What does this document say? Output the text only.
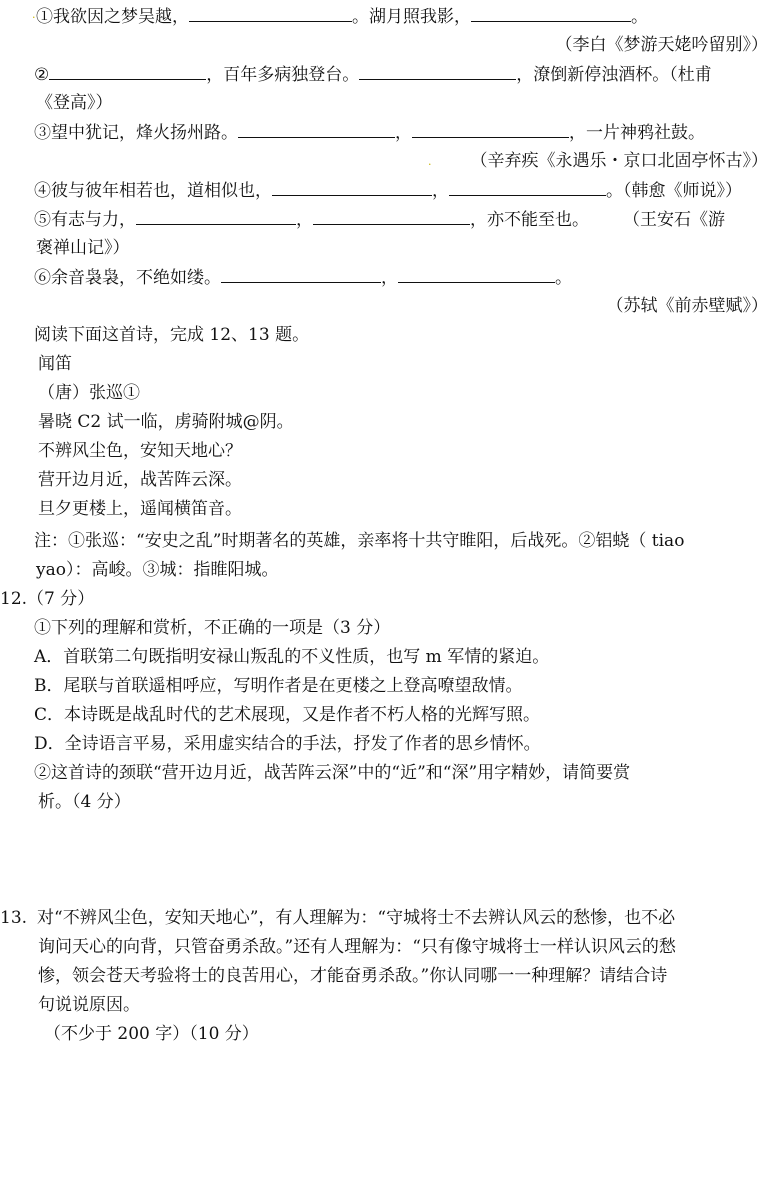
. ①我欲因之梦吴越，	。湖月照我影，	。
（李白《梦游天姥吟留别》）
②	，百年多病独登台。	，潦倒新停浊酒杯。（杜甫
《登高》）
③望中犹记，烽火扬州路。	，	，一片神鸦社鼓。
. （辛弃疾《永遇乐・京口北固亭怀古》）
④彼与彼年相若也，道相似也，	，	。（韩愈《师说》）
⑤有志与力，	，	，亦不能至也。 （王安石《游
褒禅山记》）
⑥余音袅袅，不绝如缕。	，	。
（苏轼《前赤壁赋》）
阅读下面这首诗，完成 12、13 题。
闻笛
（唐）张巡①
暑晓 C2 试一临，虏骑附城@阴。
不辨风尘色，安知天地心？
营开边月近，战苦阵云深。
旦夕更楼上，遥闻横笛音。
注：①张巡：“安史之乱”时期著名的英雄，亲率将十共守睢阳，后战死。②铝蛲（ tiao
yao）：高峻。③城：指睢阳城。
12.（7 分）
①下列的理解和赏析，不正确的一项是（3 分）
A．首联第二句既指明安禄山叛乱的不义性质，也写 m 军情的紧迫。
B．尾联与首联遥相呼应，写明作者是在更楼之上登高嘹望敌情。
C．本诗既是战乱时代的艺术展现，又是作者不朽人格的光辉写照。
D．全诗语言平易，采用虚实结合的手法，抒发了作者的思乡情怀。
②这首诗的颈联“营开边月近，战苦阵云深”中的“近”和“深”用字精妙，请简要赏
析。（4 分）
13. 对“不辨风尘色，安知天地心”，有人理解为：“守城将士不去辨认风云的愁惨，也不必
询问天心的向背，只管奋勇杀敌。”还有人理解为：“只有像守城将士一样认识风云的愁
惨，领会苍天考验将士的良苦用心，才能奋勇杀敌。”你认同哪一一种理解？请结合诗
句说说原因。
（不少于 200 字）（10 分）
